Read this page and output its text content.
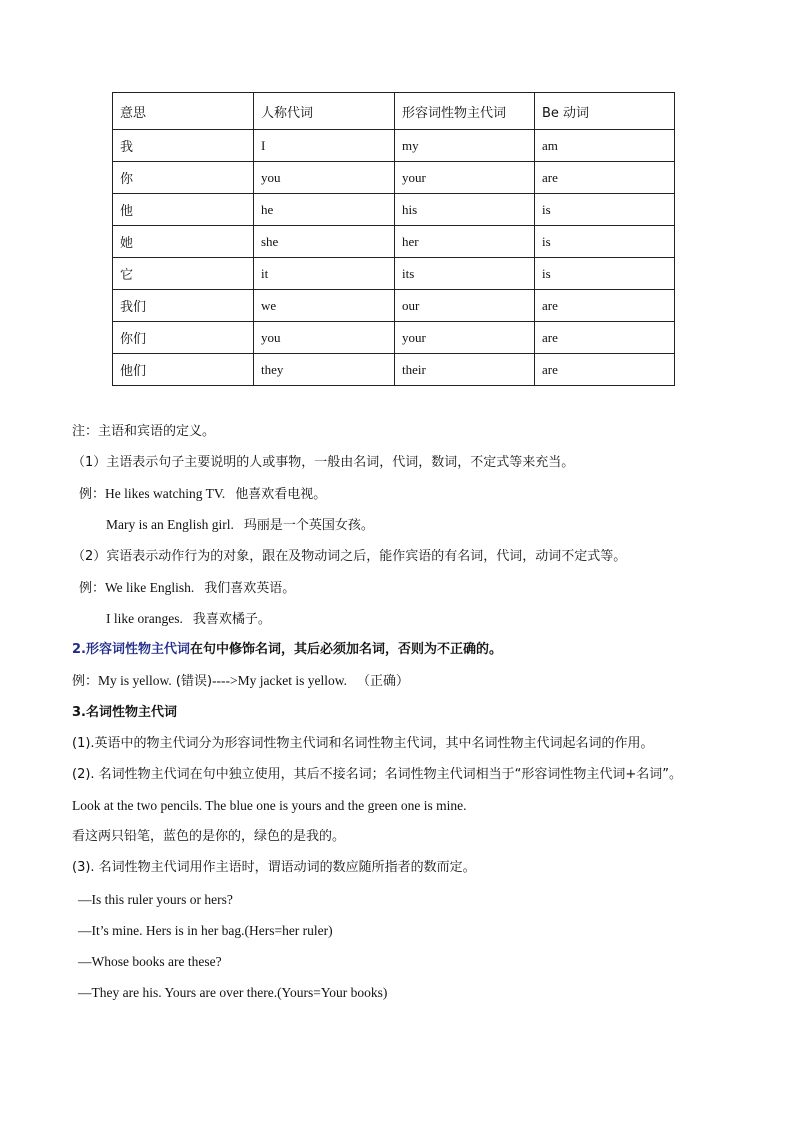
意思	人称代词	形容词性物主代词	Be 动词
我	I	my	am
你	you	your	are
他	he	his	is
她	she	her	is
它	it	its	is
我们	we	our	are
你们	you	your	are
他们	they	their	are
注：主语和宾语的定义。
（1）主语表示句子主要说明的人或事物，一般由名词，代词，数词，不定式等来充当。
例：He likes watching TV. 他喜欢看电视。
Mary is an English girl. 玛丽是一个英国女孩。
（2）宾语表示动作行为的对象，跟在及物动词之后，能作宾语的有名词，代词，动词不定式等。
例：We like English. 我们喜欢英语。
I like oranges. 我喜欢橘子。
2.形容词性物主代词在句中修饰名词，其后必须加名词，否则为不正确的。
例：My is yellow. (错误)---->My jacket is yellow. （正确）
3.名词性物主代词
(1).英语中的物主代词分为形容词性物主代词和名词性物主代词，其中名词性物主代词起名词的作用。
(2). 名词性物主代词在句中独立使用，其后不接名词；名词性物主代词相当于“形容词性物主代词+名词”。
Look at the two pencils. The blue one is yours and the green one is mine.
看这两只铅笔，蓝色的是你的，绿色的是我的。
(3). 名词性物主代词用作主语时，谓语动词的数应随所指者的数而定。
—Is this ruler yours or hers?
—It’s mine. Hers is in her bag.(Hers=her ruler)
—Whose books are these?
—They are his. Yours are over there.(Yours=Your books)
